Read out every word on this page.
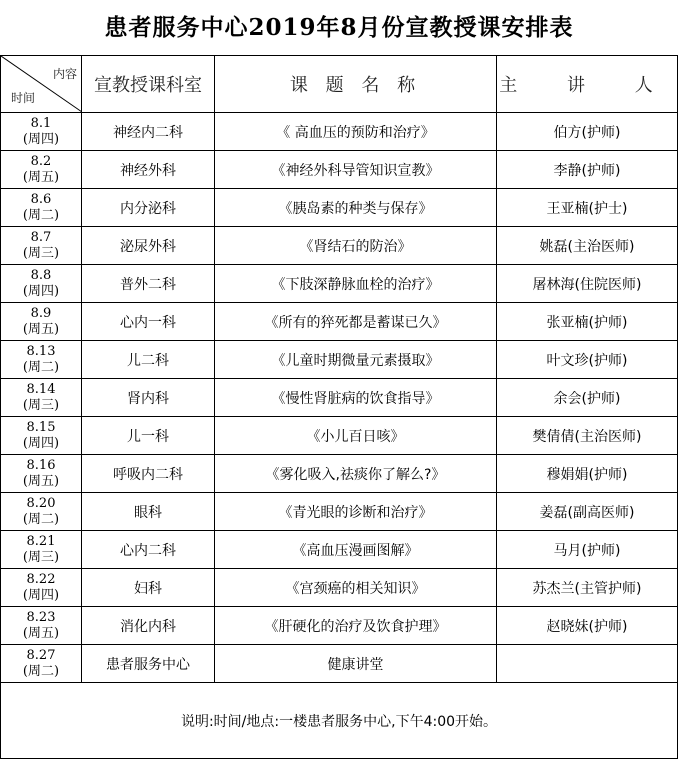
患者服务中心2019年8月份宣教授课安排表
内容
时间	宣教授课科室	课 题 名 称	主 讲 人

8.1
(周四)	神经内二科	《 高血压的预防和治疗》	伯方(护师)

8.2
(周五)	神经外科	《神经外科导管知识宣教》	李静(护师)

8.6
(周二)	内分泌科	《胰岛素的种类与保存》	王亚楠(护士)

8.7
(周三)	泌尿外科	《肾结石的防治》	姚磊(主治医师)

8.8
(周四)	普外二科	《下肢深静脉血栓的治疗》	屠林海(住院医师)

8.9
(周五)	心内一科	《所有的猝死都是蓄谋已久》	张亚楠(护师)

8.13
(周二)	儿二科	《儿童时期微量元素摄取》	叶文珍(护师)

8.14
(周三)	肾内科	《慢性肾脏病的饮食指导》	余会(护师)

8.15
(周四)	儿一科	《小儿百日咳》	樊倩倩(主治医师)

8.16
(周五)	呼吸内二科	《雾化吸入,祛痰你了解么?》	穆娟娟(护师)

8.20
(周二)	眼科	《青光眼的诊断和治疗》	姜磊(副高医师)

8.21
(周三)	心内二科	《高血压漫画图解》	马月(护师)

8.22
(周四)	妇科	《宫颈癌的相关知识》	苏杰兰(主管护师)

8.23
(周五)	消化内科	《肝硬化的治疗及饮食护理》	赵晓妹(护师)

8.27
(周二)	患者服务中心	健康讲堂	
说明:时间/地点:一楼患者服务中心,下午4:00开始。			
